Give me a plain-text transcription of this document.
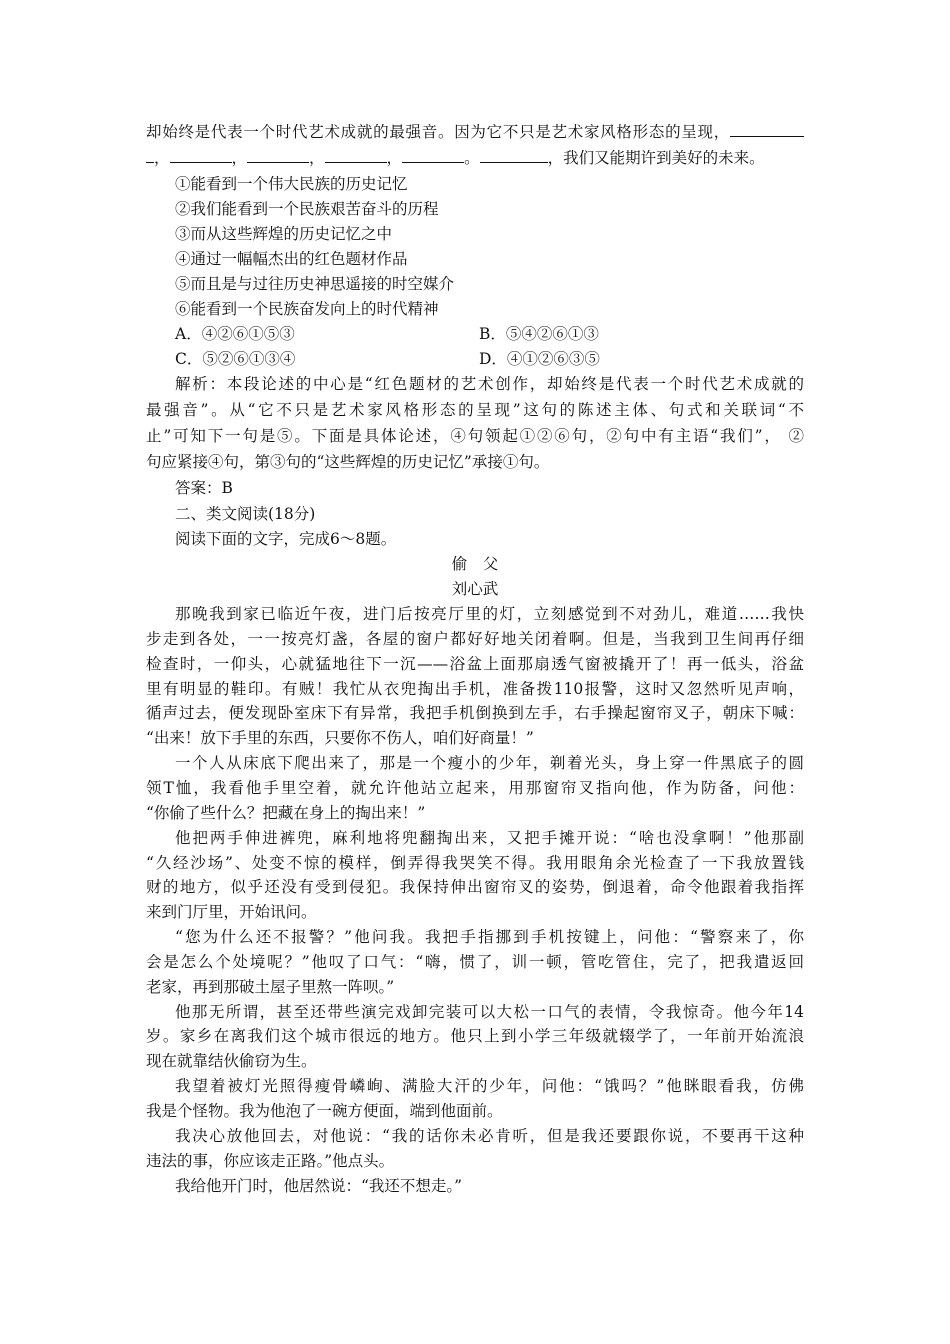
却始终是代表一个时代艺术成就的最强音。因为它不只是艺术家风格形态的呈现，
，	，	，	，	。	，我们又能期许到美好的未来。
①能看到一个伟大民族的历史记忆
②我们能看到一个民族艰苦奋斗的历程
③而从这些辉煌的历史记忆之中
④通过一幅幅杰出的红色题材作品
⑤而且是与过往历史神思遥接的时空媒介
⑥能看到一个民族奋发向上的时代精神
A．④②⑥①⑤③	B．⑤④②⑥①③
C．⑤②⑥①③④	D．④①②⑥③⑤
解析：本段论述的中心是“红色题材的艺术创作，却始终是代表一个时代艺术成就的
最强音”。从“它不只是艺术家风格形态的呈现”这句的陈述主体、句式和关联词“不
止”可知下一句是⑤。下面是具体论述，④句领起①②⑥句，②句中有主语“我们”， ②
句应紧接④句，第③句的“这些辉煌的历史记忆”承接①句。
答案：B
二、类文阅读(18分)
阅读下面的文字，完成6～8题。
偷　父
刘心武
那晚我到家已临近午夜，进门后按亮厅里的灯，立刻感觉到不对劲儿，难道……我快
步走到各处，一一按亮灯盏，各屋的窗户都好好地关闭着啊。但是，当我到卫生间再仔细
检查时，一仰头，心就猛地往下一沉——浴盆上面那扇透气窗被撬开了！再一低头，浴盆
里有明显的鞋印。有贼！我忙从衣兜掏出手机，准备拨110报警，这时又忽然听见声响，
循声过去，便发现卧室床下有异常，我把手机倒换到左手，右手操起窗帘叉子，朝床下喊：
“出来！放下手里的东西，只要你不伤人，咱们好商量！”
一个人从床底下爬出来了，那是一个瘦小的少年，剃着光头，身上穿一件黑底子的圆
领T恤，我看他手里空着，就允许他站立起来，用那窗帘叉指向他，作为防备，问他：
“你偷了些什么？把藏在身上的掏出来！”
他把两手伸进裤兜，麻利地将兜翻掏出来，又把手摊开说：“啥也没拿啊！”他那副
“久经沙场”、处变不惊的模样，倒弄得我哭笑不得。我用眼角余光检查了一下我放置钱
财的地方，似乎还没有受到侵犯。我保持伸出窗帘叉的姿势，倒退着，命令他跟着我指挥
来到门厅里，开始讯问。
“您为什么还不报警？”他问我。我把手指挪到手机按键上，问他：“警察来了，你
会是怎么个处境呢？”他叹了口气：“嗨，惯了，训一顿，管吃管住，完了，把我遣返回
老家，再到那破土屋子里熬一阵呗。”
他那无所谓，甚至还带些演完戏卸完装可以大松一口气的表情，令我惊奇。他今年14
岁。家乡在离我们这个城市很远的地方。他只上到小学三年级就辍学了，一年前开始流浪
现在就靠结伙偷窃为生。
我望着被灯光照得瘦骨嶙峋、满脸大汗的少年，问他：“饿吗？”他眯眼看我，仿佛
我是个怪物。我为他泡了一碗方便面，端到他面前。
我决心放他回去，对他说：“我的话你未必肯听，但是我还要跟你说，不要再干这种
违法的事，你应该走正路。”他点头。
我给他开门时，他居然说：“我还不想走。”
